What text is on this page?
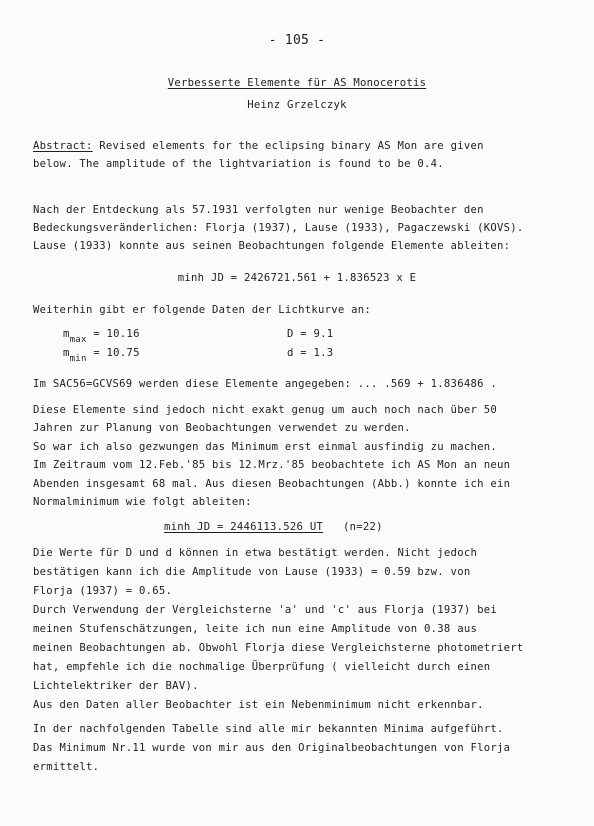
- 105 -
Verbesserte Elemente für AS Monocerotis
Heinz Grzelczyk
Abstract: Revised elements for the eclipsing binary AS Mon are given
below. The amplitude of the lightvariation is found to be 0.4.
Nach der Entdeckung als 57.1931 verfolgten nur wenige Beobachter den
Bedeckungsveränderlichen: Florja (1937), Lause (1933), Pagaczewski (KOVS).
Lause (1933) konnte aus seinen Beobachtungen folgende Elemente ableiten:
minh JD = 2426721.561 + 1.836523 x E
Weiterhin gibt er folgende Daten der Lichtkurve an:
$m_{max} = 10.16$
$m_{min} = 10.75$
D = 9.1
d = 1.3
Im SAC56=GCVS69 werden diese Elemente angegeben: ... .569 + 1.836486 .
Diese Elemente sind jedoch nicht exakt genug um auch noch nach über 50
Jahren zur Planung von Beobachtungen verwendet zu werden.
So war ich also gezwungen das Minimum erst einmal ausfindig zu machen.
Im Zeitraum vom 12.Feb.'85 bis 12.Mrz.'85 beobachtete ich AS Mon an neun
Abenden insgesamt 68 mal. Aus diesen Beobachtungen (Abb.) konnte ich ein
Normalminimum wie folgt ableiten:
minh JD = 2446113.526 UT (n=22)
Die Werte für D und d können in etwa bestätigt werden. Nicht jedoch
bestätigen kann ich die Amplitude von Lause (1933) = 0.59 bzw. von
Florja (1937) = 0.65.
Durch Verwendung der Vergleichsterne 'a' und 'c' aus Florja (1937) bei
meinen Stufenschätzungen, leite ich nun eine Amplitude von 0.38 aus
meinen Beobachtungen ab. Obwohl Florja diese Vergleichsterne photometriert
hat, empfehle ich die nochmalige Überprüfung ( vielleicht durch einen
Lichtelektriker der BAV).
Aus den Daten aller Beobachter ist ein Nebenminimum nicht erkennbar.
In der nachfolgenden Tabelle sind alle mir bekannten Minima aufgeführt.
Das Minimum Nr.11 wurde von mir aus den Originalbeobachtungen von Florja
ermittelt.
